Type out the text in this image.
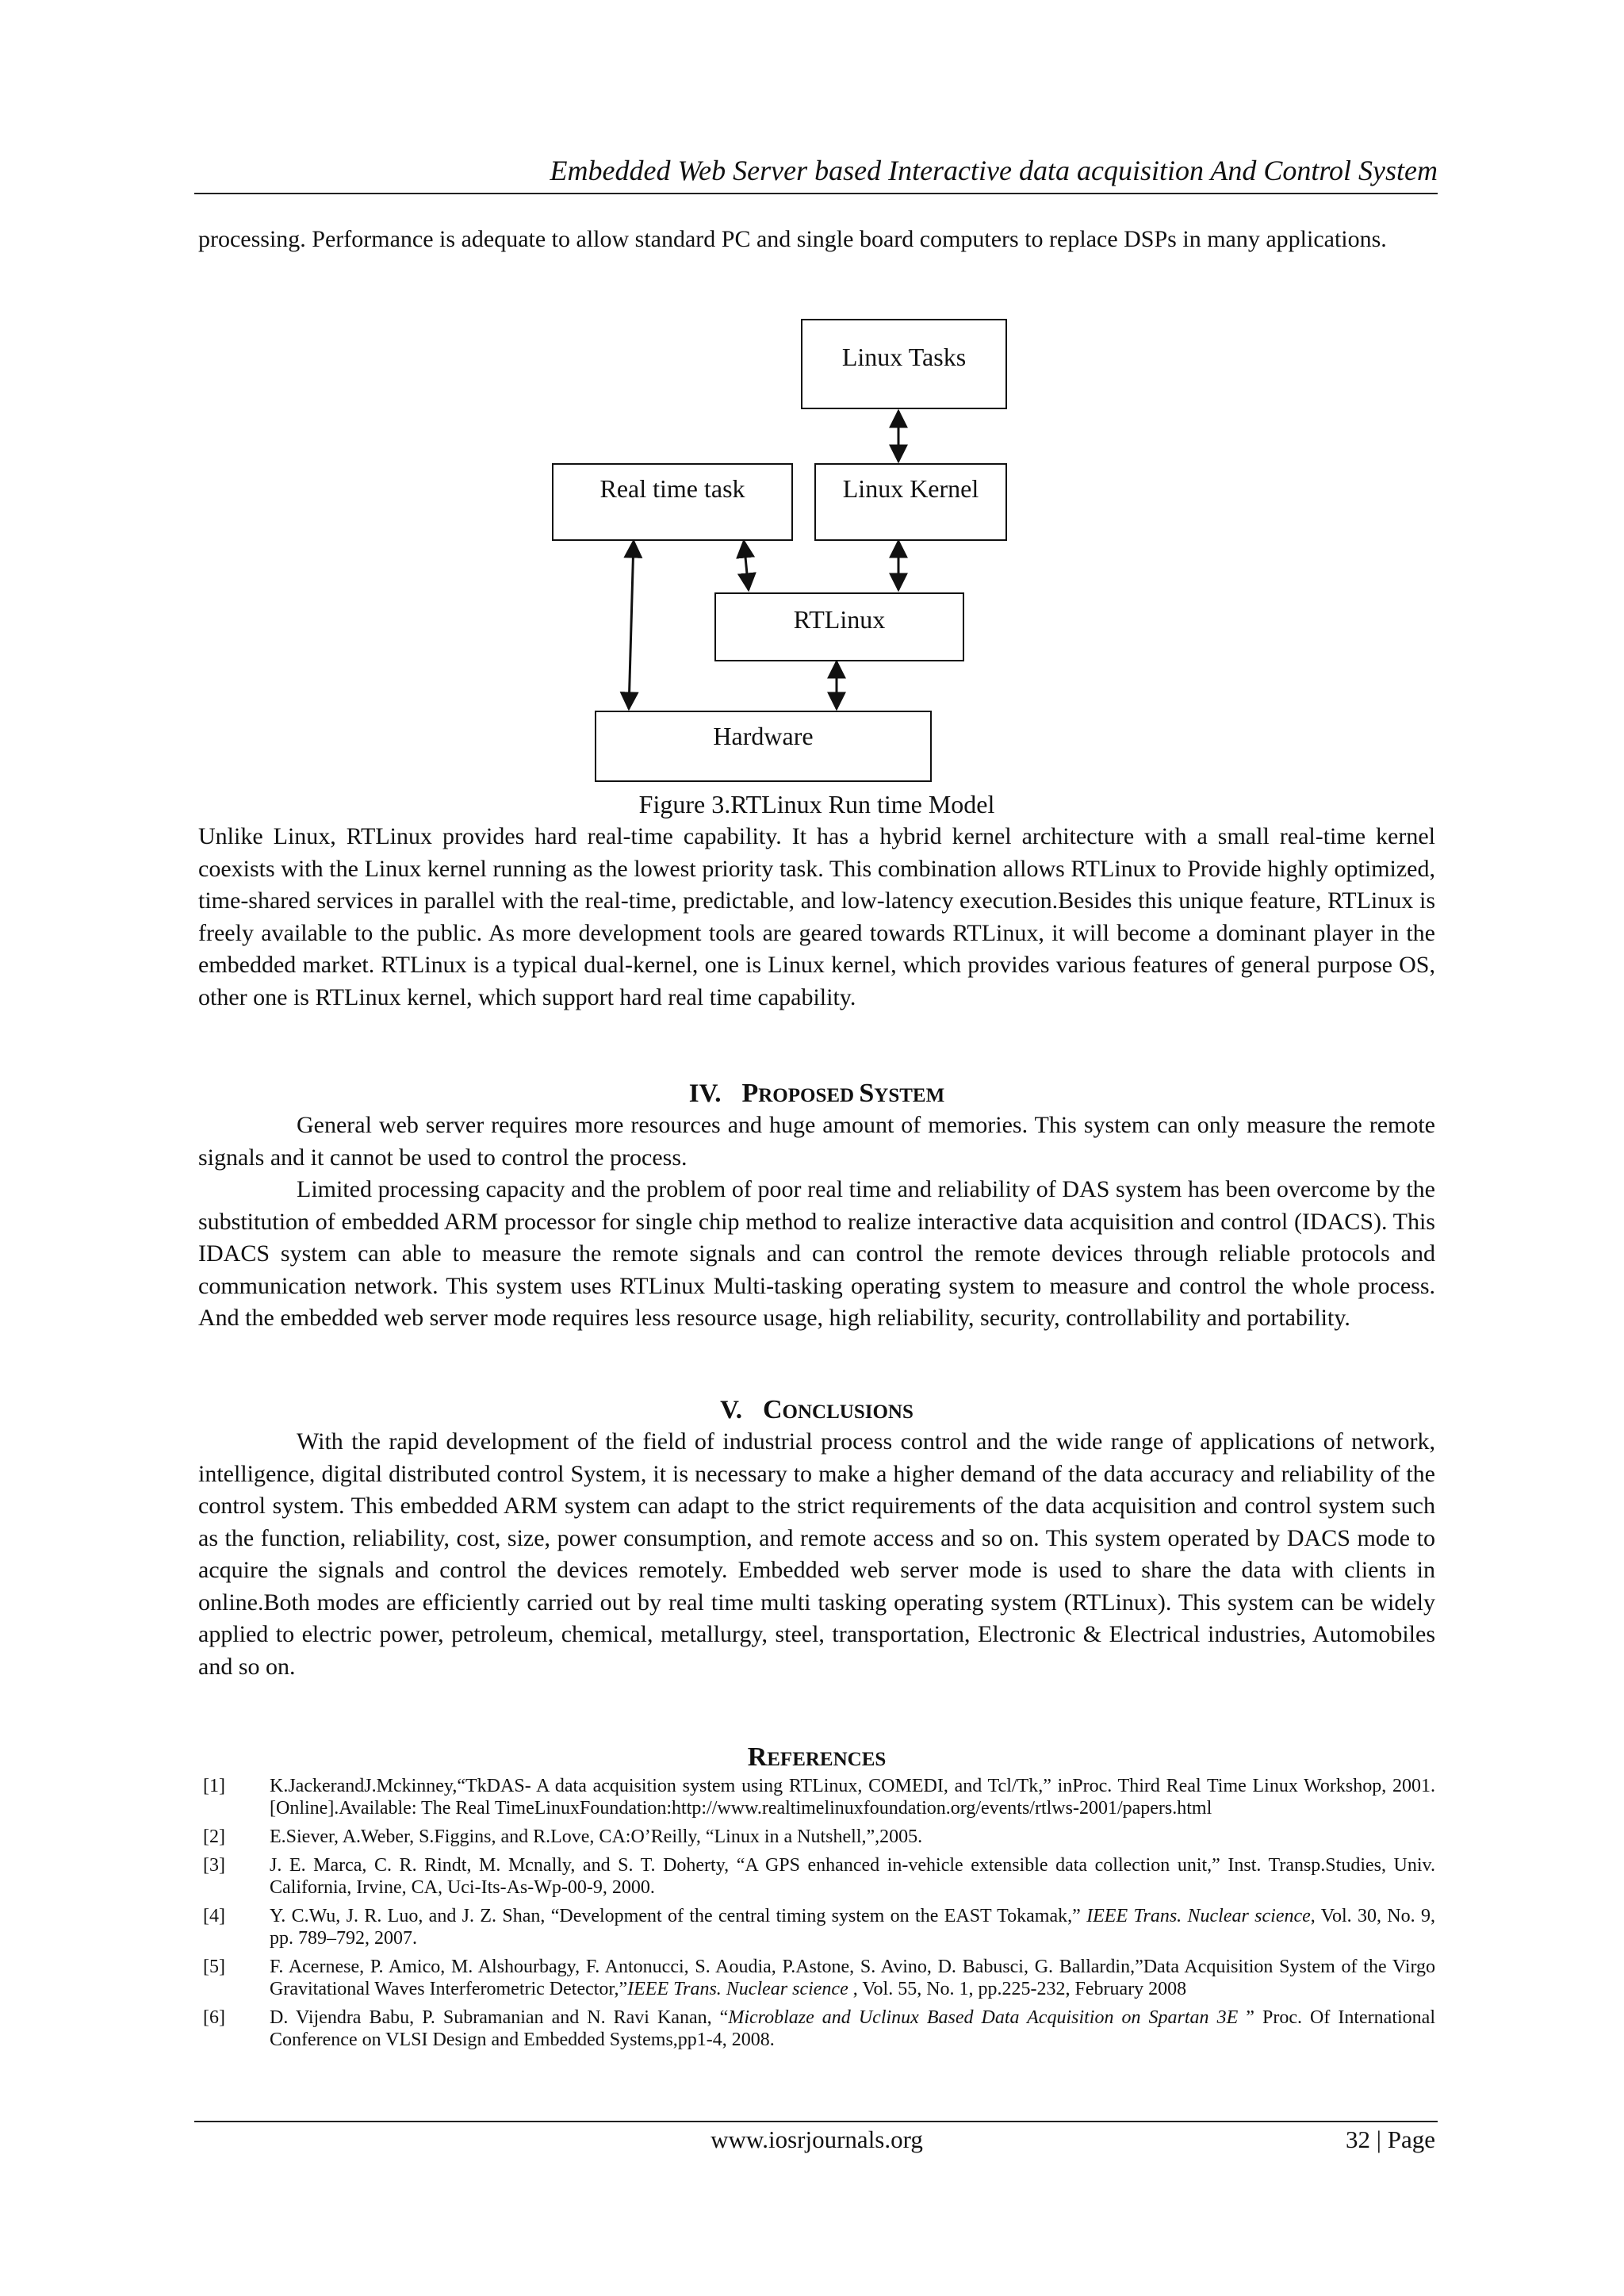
Embedded Web Server based Interactive data acquisition And Control System

processing. Performance is adequate to allow standard PC and single board computers to replace DSPs in many applications.

Linux Tasks
Real time task	Linux Kernel
RTLinux
Hardware
Figure 3.RTLinux Run time Model

Unlike Linux, RTLinux provides hard real-time capability. It has a hybrid kernel architecture with a small real-time kernel coexists with the Linux kernel running as the lowest priority task. This combination allows RTLinux to Provide highly optimized, time-shared services in parallel with the real-time, predictable, and low-latency execution.Besides this unique feature, RTLinux is freely available to the public. As more development tools are geared towards RTLinux, it will become a dominant player in the embedded market. RTLinux is a typical dual-kernel, one is Linux kernel, which provides various features of general purpose OS, other one is RTLinux kernel, which support hard real time capability.

IV. PROPOSED SYSTEM

General web server requires more resources and huge amount of memories. This system can only measure the remote signals and it cannot be used to control the process.

Limited processing capacity and the problem of poor real time and reliability of DAS system has been overcome by the substitution of embedded ARM processor for single chip method to realize interactive data acquisition and control (IDACS). This IDACS system can able to measure the remote signals and can control the remote devices through reliable protocols and communication network. This system uses RTLinux Multi-tasking operating system to measure and control the whole process. And the embedded web server mode requires less resource usage, high reliability, security, controllability and portability.

V. CONCLUSIONS

With the rapid development of the field of industrial process control and the wide range of applications of network, intelligence, digital distributed control System, it is necessary to make a higher demand of the data accuracy and reliability of the control system. This embedded ARM system can adapt to the strict requirements of the data acquisition and control system such as the function, reliability, cost, size, power consumption, and remote access and so on. This system operated by DACS mode to acquire the signals and control the devices remotely. Embedded web server mode is used to share the data with clients in online.Both modes are efficiently carried out by real time multi tasking operating system (RTLinux). This system can be widely applied to electric power, petroleum, chemical, metallurgy, steel, transportation, Electronic & Electrical industries, Automobiles and so on.

REFERENCES
[1] K.JackerandJ.Mckinney,“TkDAS- A data acquisition system using RTLinux, COMEDI, and Tcl/Tk,” inProc. Third Real Time Linux Workshop, 2001. [Online].Available: The Real TimeLinuxFoundation:http://www.realtimelinuxfoundation.org/events/rtlws-2001/papers.html
[2] E.Siever, A.Weber, S.Figgins, and R.Love, CA:O’Reilly, “Linux in a Nutshell,”,2005.
[3] J. E. Marca, C. R. Rindt, M. Mcnally, and S. T. Doherty, “A GPS enhanced in-vehicle extensible data collection unit,” Inst. Transp.Studies, Univ. California, Irvine, CA, Uci-Its-As-Wp-00-9, 2000.
[4] Y. C.Wu, J. R. Luo, and J. Z. Shan, “Development of the central timing system on the EAST Tokamak,” IEEE Trans. Nuclear science, Vol. 30, No. 9, pp. 789–792, 2007.
[5] F. Acernese, P. Amico, M. Alshourbagy, F. Antonucci, S. Aoudia, P.Astone, S. Avino, D. Babusci, G. Ballardin,”Data Acquisition System of the Virgo Gravitational Waves Interferometric Detector,”IEEE Trans. Nuclear science , Vol. 55, No. 1, pp.225-232, February 2008
[6] D. Vijendra Babu, P. Subramanian and N. Ravi Kanan, “Microblaze and Uclinux Based Data Acquisition on Spartan 3E ” Proc. Of International Conference on VLSI Design and Embedded Systems,pp1-4, 2008.
www.iosrjournals.org	32 | Page
